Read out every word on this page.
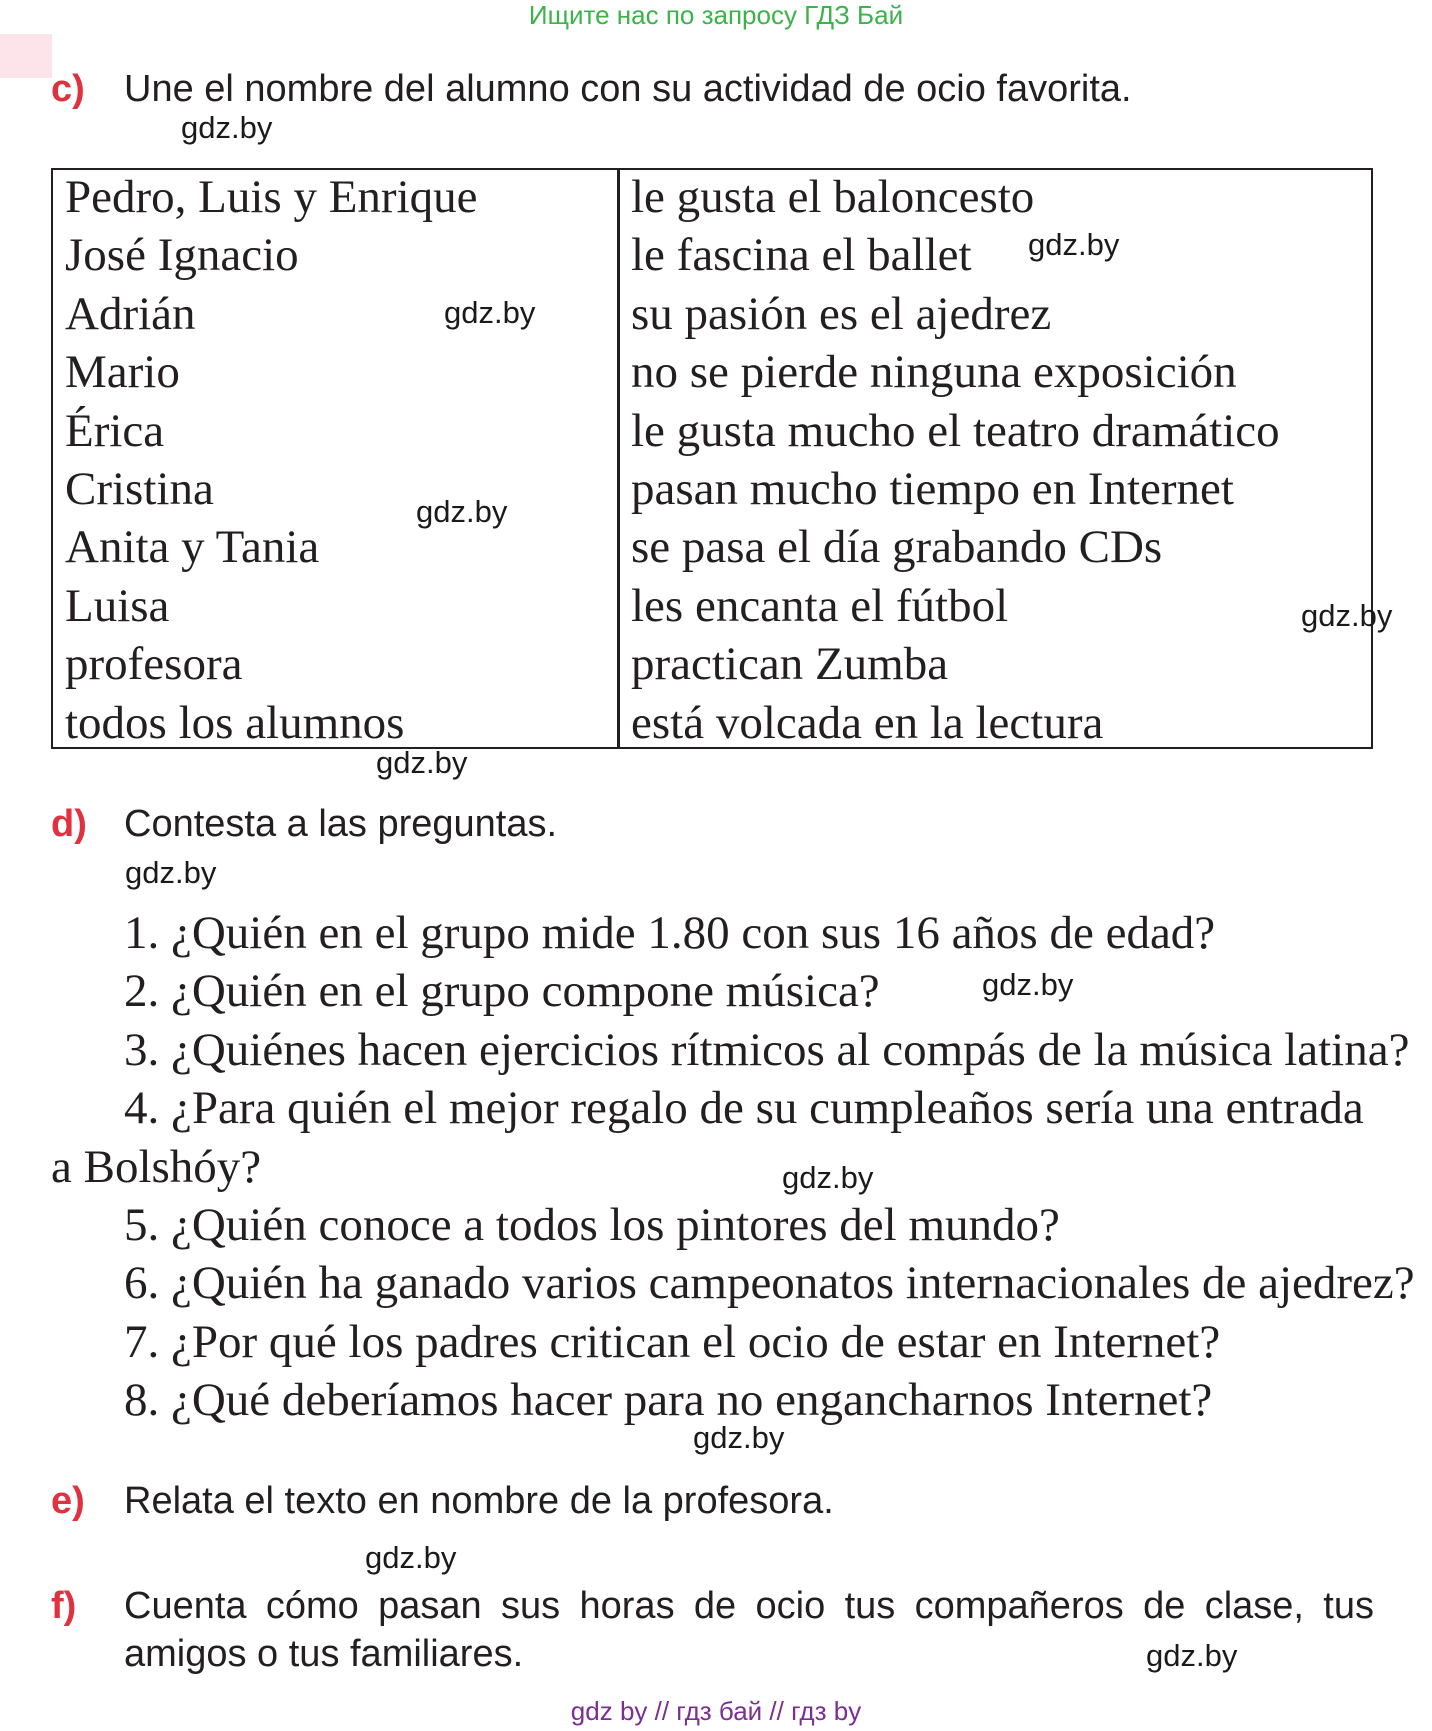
Ищите нас по запросу ГДЗ Бай
c) Une el nombre del alumno con su actividad de ocio favorita.
gdz.by
Pedro, Luis y Enrique
José Ignacio
Adrián
Mario
Érica
Cristina
Anita y Tania
Luisa
profesora
todos los alumnos
le gusta el baloncesto
le fascina el ballet
su pasión es el ajedrez
no se pierde ninguna exposición
le gusta mucho el teatro dramático
pasan mucho tiempo en Internet
se pasa el día grabando CDs
les encanta el fútbol
practican Zumba
está volcada en la lectura
gdz.by
gdz.by
gdz.by
gdz.by
gdz.by
d) Contesta a las preguntas.
gdz.by
1. ¿Quién en el grupo mide 1.80 con sus 16 años de edad?
2. ¿Quién en el grupo compone música?
3. ¿Quiénes hacen ejercicios rítmicos al compás de la música latina?
4. ¿Para quién el mejor regalo de su cumpleaños sería una entrada
a Bolshóy?
5. ¿Quién conoce a todos los pintores del mundo?
6. ¿Quién ha ganado varios campeonatos internacionales de ajedrez?
7. ¿Por qué los padres critican el ocio de estar en Internet?
8. ¿Qué deberíamos hacer para no engancharnos Internet?
gdz.by
gdz.by
gdz.by
e) Relata el texto en nombre de la profesora.
gdz.by
f) Cuenta cómo pasan sus horas de ocio tus compañeros de clase, tus
amigos o tus familiares.	gdz.by
gdz by // гдз бай // гдз by
